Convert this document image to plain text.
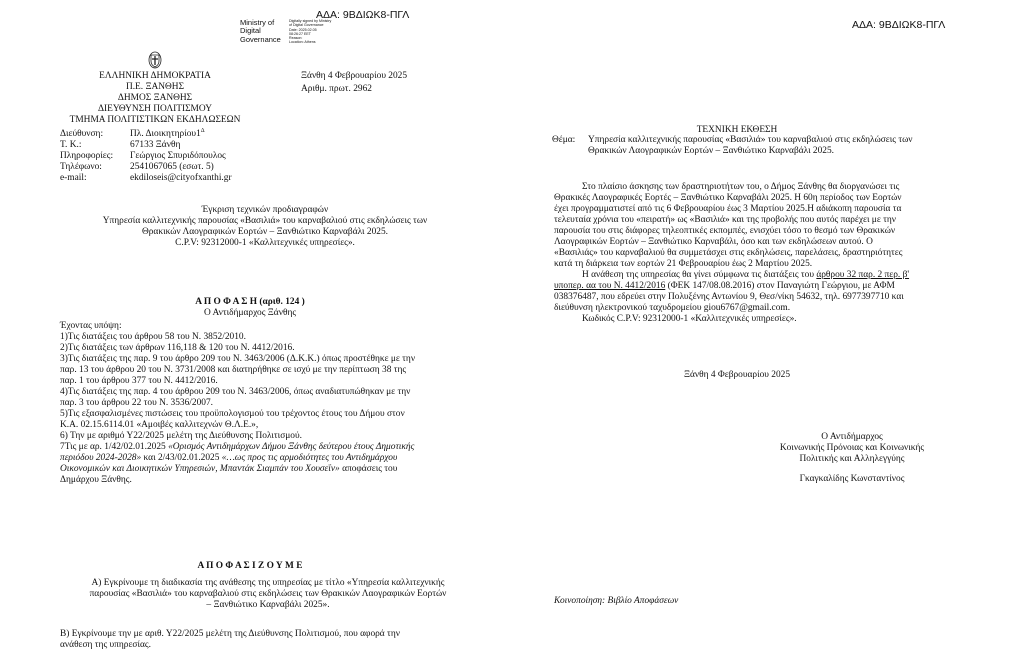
ΑΔΑ: 9ΒΔΙΩΚ8-ΠΓΛ
Ministry of
Digital
Governance
Digitally signed by Ministry
of Digital Governance
Date: 2025.02.05
08:26:27 EET
Reason:
Location: Athens
ΕΛΛΗΝΙΚΗ ΔΗΜΟΚΡΑΤΙΑ
Π.Ε. ΞΑΝΘΗΣ
ΔΗΜΟΣ ΞΑΝΘΗΣ
ΔΙΕΥΘΥΝΣΗ ΠΟΛΙΤΙΣΜΟΥ
ΤΜΗΜΑ ΠΟΛΙΤΙΣΤΙΚΩΝ ΕΚΔΗΛΩΣΕΩΝ
Ξάνθη 4 Φεβρουαρίου 2025
Αριθμ. πρωτ. 2962
Διεύθυνση:	Πλ. $\Delta\iota o\iota\kappa\eta\tau\eta\rho ίo\upsilon 1^\Delta$
Τ. Κ.:	67133 Ξάνθη
Πληροφορίες: Γεώργιος Σπυριδόπουλος
Τηλέφωνο:	2541067065 (εσωτ. 5)
e-mail:	ekdiloseis@cityofxanthi.gr
Έγκριση τεχνικών προδιαγραφών
Υπηρεσία καλλιτεχνικής παρουσίας «Βασιλιά» του καρναβαλιού στις εκδηλώσεις των
Θρακικών Λαογραφικών Εορτών – Ξανθιώτικο Καρναβάλι 2025.
C.P.V: 92312000-1 «Καλλιτεχνικές υπηρεσίες».
Α Π Ο Φ Α Σ Η (αριθ. 124 )
Ο Αντιδήμαρχος Ξάνθης
Έχοντας υπόψη:
1)Τις διατάξεις του άρθρου 58 του Ν. 3852/2010.
2)Τις διατάξεις των άρθρων 116,118 & 120 του Ν. 4412/2016.
3)Τις διατάξεις της παρ. 9 του άρθρο 209 του Ν. 3463/2006 (Δ.Κ.Κ.) όπως προστέθηκε με την
παρ. 13 του άρθρου 20 του Ν. 3731/2008 και διατηρήθηκε σε ισχύ με την περίπτωση 38 της
παρ. 1 του άρθρου 377 του Ν. 4412/2016.
4)Τις διατάξεις της παρ. 4 του άρθρου 209 του Ν. 3463/2006, όπως αναδιατυπώθηκαν με την
παρ. 3 του άρθρου 22 του Ν. 3536/2007.
5)Τις εξασφαλισμένες πιστώσεις του προϋπολογισμού του τρέχοντος έτους του Δήμου στον
Κ.Α. 02.15.6114.01 «Αμοιβές καλλιτεχνών Θ.Λ.Ε.»,
6) Την με αριθμό Υ22/2025 μελέτη της Διεύθυνσης Πολιτισμού.
7Τις με αρ. 1/42/02.01.2025 «Ορισμός Αντιδημάρχων Δήμου Ξάνθης δεύτερου έτους Δημοτικής
περιόδου 2024-2028» και 2/43/02.01.2025 «…ως προς τις αρμοδιότητες του Αντιδημάρχου
Οικονομικών και Διοικητικών Υπηρεσιών, Μπαντάκ Σιαμπάν του Χουσεΐν» αποφάσεις του
Δημάρχου Ξάνθης.
Α Π Ο Φ Α Σ Ι Ζ Ο Υ Μ Ε
Α) Εγκρίνουμε τη διαδικασία της ανάθεσης της υπηρεσίας με τίτλο «Υπηρεσία καλλιτεχνικής
παρουσίας «Βασιλιά» του καρναβαλιού στις εκδηλώσεις των Θρακικών Λαογραφικών Εορτών
– Ξανθιώτικο Καρναβάλι 2025».
Β) Εγκρίνουμε την με αριθ. Υ22/2025 μελέτη της Διεύθυνσης Πολιτισμού, που αφορά την
ανάθεση της υπηρεσίας.
ΑΔΑ: 9ΒΔΙΩΚ8-ΠΓΛ
ΤΕΧΝΙΚΗ ΕΚΘΕΣΗ
Θέμα: Υπηρεσία καλλιτεχνικής παρουσίας «Βασιλιά» του καρναβαλιού στις εκδηλώσεις των
Θρακικών Λαογραφικών Εορτών – Ξανθιώτικο Καρναβάλι 2025.
Στο πλαίσιο άσκησης των δραστηριοτήτων του, ο Δήμος Ξάνθης θα διοργανώσει τις
Θρακικές Λαογραφικές Εορτές – Ξανθιώτικο Καρναβάλι 2025. Η 60η περίοδος των Εορτών
έχει προγραμματιστεί από τις 6 Φεβρουαρίου έως 3 Μαρτίου 2025.Η αδιάκοπη παρουσία τα
τελευταία χρόνια του «πειρατή» ως «Βασιλιά» και της προβολής που αυτός παρέχει με την
παρουσία του στις διάφορες τηλεοπτικές εκπομπές, ενισχύει τόσο το θεσμό των Θρακικών
Λαογραφικών Εορτών – Ξανθιώτικο Καρναβάλι, όσο και των εκδηλώσεων αυτού. Ο
«Βασιλιάς» του καρναβαλιού θα συμμετάσχει στις εκδηλώσεις, παρελάσεις, δραστηριότητες
κατά τη διάρκεια των εορτών 21 Φεβρουαρίου έως 2 Μαρτίου 2025.
Η ανάθεση της υπηρεσίας θα γίνει σύμφωνα τις διατάξεις του άρθρου 32 παρ. 2 περ. β'
υποπερ. αα του Ν. 4412/2016 (ΦΕΚ 147/08.08.2016) στον Παναγιώτη Γεώργιου, με ΑΦΜ
038376487, που εδρεύει στην Πολυξένης Αντωνίου 9, Θεσ/νίκη 54632, τηλ. 6977397710 και
διεύθυνση ηλεκτρονικού ταχυδρομείου giou6767@gmail.com.
Κωδικός C.P.V: 92312000-1 «Καλλιτεχνικές υπηρεσίες».
Ξάνθη 4 Φεβρουαρίου 2025
Ο Αντιδήμαρχος
Κοινωνικής Πρόνοιας και Κοινωνικής
Πολιτικής και Αλληλεγγύης
Γκαγκαλίδης Κωνσταντίνος
Κοινοποίηση: Βιβλίο Αποφάσεων
